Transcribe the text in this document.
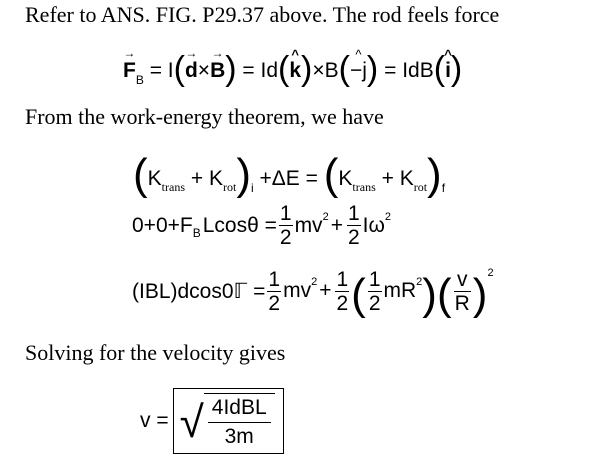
Refer to ANS. FIG. P29.37 above. The rod feels force
→ $F_B = I(\to d\times\to B)$ = Id(^ k)×B(^ −j) = IdB(^ i)
From the work-energy theorem, we have
$(K_{trans} + K_{rot})_i +\Delta E = (K_{trans} + K_{rot})_f$
0+0+F B $Lcos\theta = \frac{1}{2}$ mv $2 + \frac{1}{2}$ Iω 2
(IBL)dcos0ℾ = $\frac{1}{2}$ mv $2 + \frac{1}{2}$ ( $\frac{1}{2}$ mR 2 ) ( $\frac{v}{R}$ ) 2
Solving for the velocity gives
v = √ 4IdBL
3m
